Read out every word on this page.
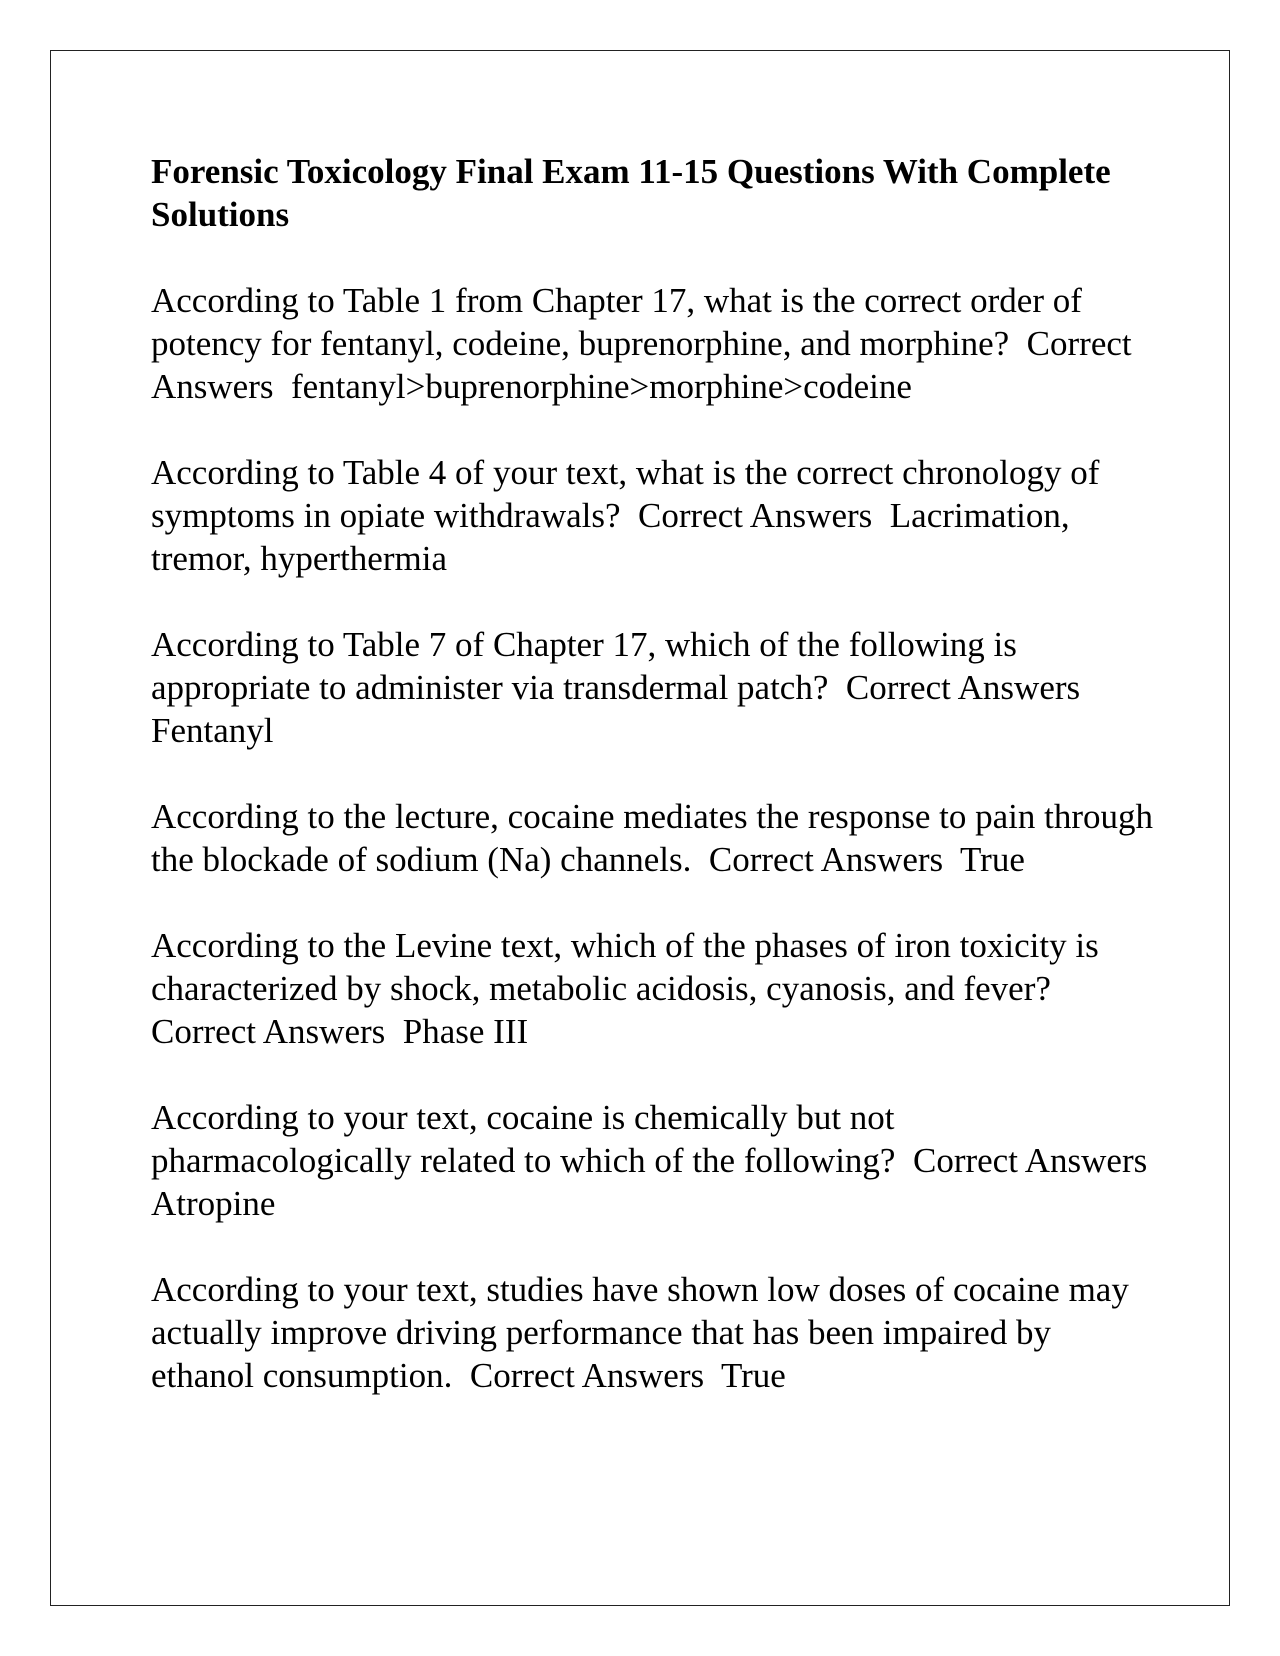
Forensic Toxicology Final Exam 11-15 Questions With Complete Solutions
According to Table 1 from Chapter 17, what is the correct order of potency for fentanyl, codeine, buprenorphine, and morphine? Correct Answers fentanyl>buprenorphine>morphine>codeine
According to Table 4 of your text, what is the correct chronology of symptoms in opiate withdrawals? Correct Answers Lacrimation, tremor, hyperthermia
According to Table 7 of Chapter 17, which of the following is appropriate to administer via transdermal patch? Correct Answers  Fentanyl
According to the lecture, cocaine mediates the response to pain through the blockade of sodium (Na) channels. Correct Answers True
According to the Levine text, which of the phases of iron toxicity is characterized by shock, metabolic acidosis, cyanosis, and fever?  Correct Answers Phase III
According to your text, cocaine is chemically but not pharmacologically related to which of the following? Correct Answers  Atropine
According to your text, studies have shown low doses of cocaine may actually improve driving performance that has been impaired by ethanol consumption. Correct Answers True
